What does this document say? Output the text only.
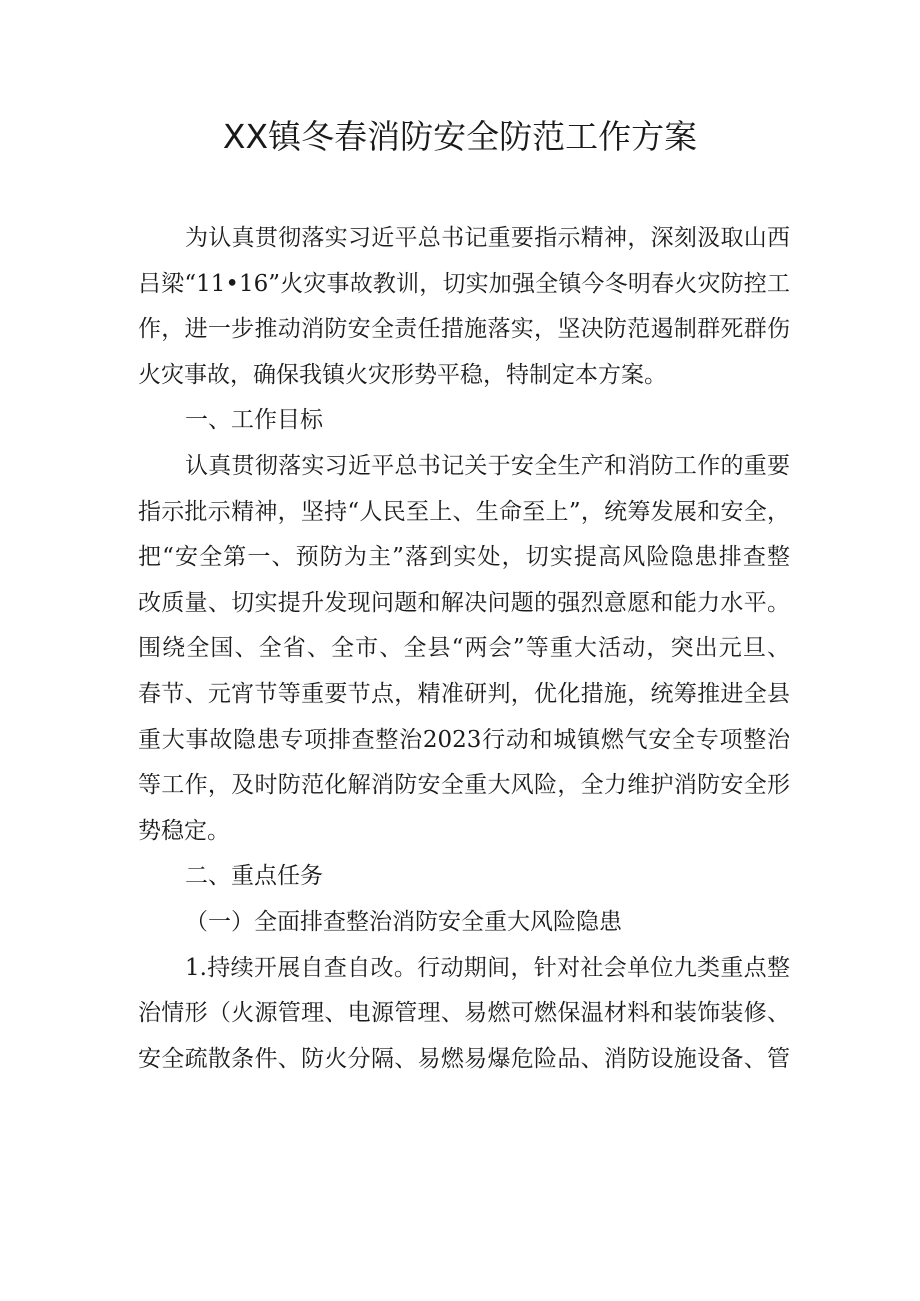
XX镇冬春消防安全防范工作方案
为认真贯彻落实习近平总书记重要指示精神，深刻汲取山西
吕梁“11•16”火灾事故教训，切实加强全镇今冬明春火灾防控工
作，进一步推动消防安全责任措施落实，坚决防范遏制群死群伤
火灾事故，确保我镇火灾形势平稳，特制定本方案。
一、工作目标
认真贯彻落实习近平总书记关于安全生产和消防工作的重要
指示批示精神，坚持“人民至上、生命至上”，统筹发展和安全，
把“安全第一、预防为主”落到实处，切实提高风险隐患排查整
改质量、切实提升发现问题和解决问题的强烈意愿和能力水平。
围绕全国、全省、全市、全县“两会”等重大活动，突出元旦、
春节、元宵节等重要节点，精准研判，优化措施，统筹推进全县
重大事故隐患专项排查整治2023行动和城镇燃气安全专项整治
等工作，及时防范化解消防安全重大风险，全力维护消防安全形
势稳定。
二、重点任务
（一）全面排查整治消防安全重大风险隐患
1.持续开展自查自改。行动期间，针对社会单位九类重点整
治情形（火源管理、电源管理、易燃可燃保温材料和装饰装修、
安全疏散条件、防火分隔、易燃易爆危险品、消防设施设备、管
